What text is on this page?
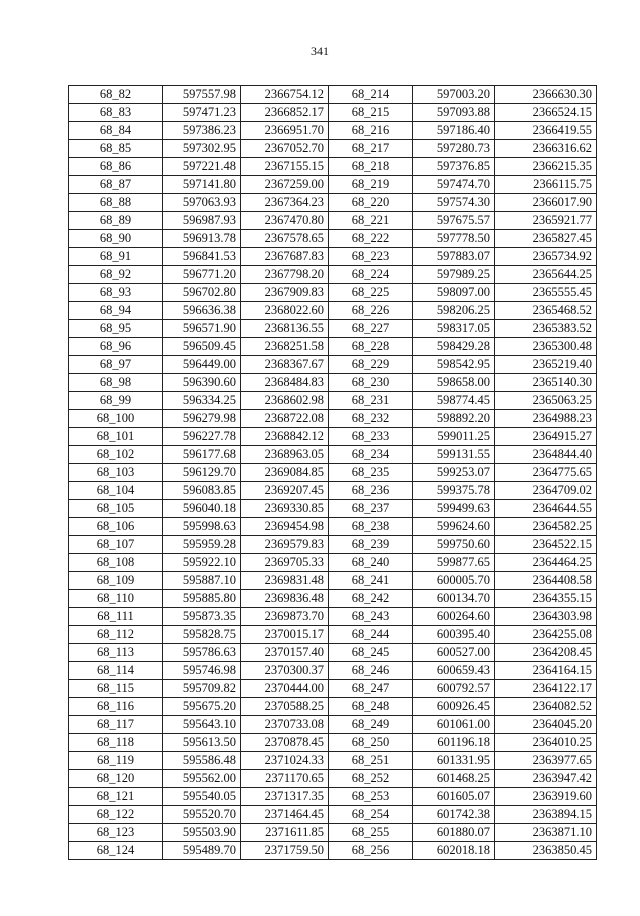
341
68_82	597557.98	2366754.12	68_214	597003.20	2366630.30
68_83	597471.23	2366852.17	68_215	597093.88	2366524.15
68_84	597386.23	2366951.70	68_216	597186.40	2366419.55
68_85	597302.95	2367052.70	68_217	597280.73	2366316.62
68_86	597221.48	2367155.15	68_218	597376.85	2366215.35
68_87	597141.80	2367259.00	68_219	597474.70	2366115.75
68_88	597063.93	2367364.23	68_220	597574.30	2366017.90
68_89	596987.93	2367470.80	68_221	597675.57	2365921.77
68_90	596913.78	2367578.65	68_222	597778.50	2365827.45
68_91	596841.53	2367687.83	68_223	597883.07	2365734.92
68_92	596771.20	2367798.20	68_224	597989.25	2365644.25
68_93	596702.80	2367909.83	68_225	598097.00	2365555.45
68_94	596636.38	2368022.60	68_226	598206.25	2365468.52
68_95	596571.90	2368136.55	68_227	598317.05	2365383.52
68_96	596509.45	2368251.58	68_228	598429.28	2365300.48
68_97	596449.00	2368367.67	68_229	598542.95	2365219.40
68_98	596390.60	2368484.83	68_230	598658.00	2365140.30
68_99	596334.25	2368602.98	68_231	598774.45	2365063.25
68_100	596279.98	2368722.08	68_232	598892.20	2364988.23
68_101	596227.78	2368842.12	68_233	599011.25	2364915.27
68_102	596177.68	2368963.05	68_234	599131.55	2364844.40
68_103	596129.70	2369084.85	68_235	599253.07	2364775.65
68_104	596083.85	2369207.45	68_236	599375.78	2364709.02
68_105	596040.18	2369330.85	68_237	599499.63	2364644.55
68_106	595998.63	2369454.98	68_238	599624.60	2364582.25
68_107	595959.28	2369579.83	68_239	599750.60	2364522.15
68_108	595922.10	2369705.33	68_240	599877.65	2364464.25
68_109	595887.10	2369831.48	68_241	600005.70	2364408.58
68_110	595885.80	2369836.48	68_242	600134.70	2364355.15
68_111	595873.35	2369873.70	68_243	600264.60	2364303.98
68_112	595828.75	2370015.17	68_244	600395.40	2364255.08
68_113	595786.63	2370157.40	68_245	600527.00	2364208.45
68_114	595746.98	2370300.37	68_246	600659.43	2364164.15
68_115	595709.82	2370444.00	68_247	600792.57	2364122.17
68_116	595675.20	2370588.25	68_248	600926.45	2364082.52
68_117	595643.10	2370733.08	68_249	601061.00	2364045.20
68_118	595613.50	2370878.45	68_250	601196.18	2364010.25
68_119	595586.48	2371024.33	68_251	601331.95	2363977.65
68_120	595562.00	2371170.65	68_252	601468.25	2363947.42
68_121	595540.05	2371317.35	68_253	601605.07	2363919.60
68_122	595520.70	2371464.45	68_254	601742.38	2363894.15
68_123	595503.90	2371611.85	68_255	601880.07	2363871.10
68_124	595489.70	2371759.50	68_256	602018.18	2363850.45
